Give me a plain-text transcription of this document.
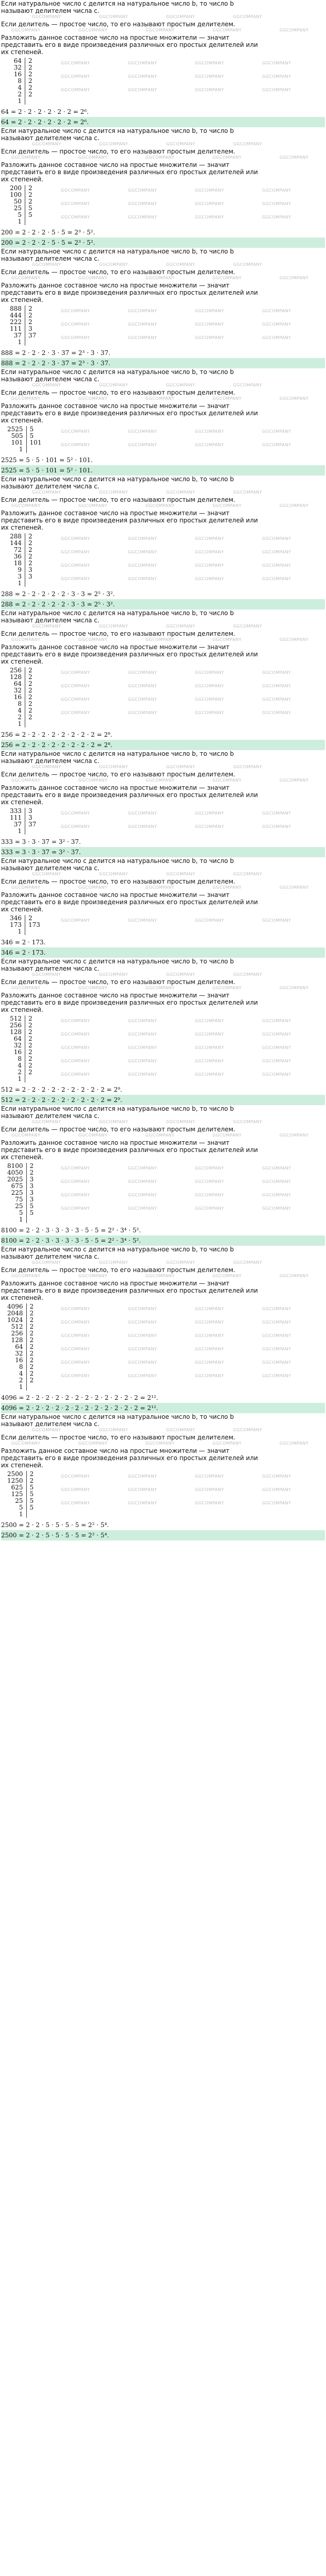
Если натуральное число с делится на натуральное число b, то число b
называют делителем числа c.
GGCOMPANY	GGCOMPANY	GGCOMPANY	GGCOMPANY
Если делитель — простое число, то его называют простым делителем.
GGCOMPANY	GGCOMPANY	GGCOMPANY	GGCOMPANY	GGCOMPANY
Разложить данное составное число на простые множители — значит
представить его в виде произведения различных его простых делителей или
их степеней.
64	2
32	2
16	2
8	2
4	2
2	2
1	
GGCOMPANY	GGCOMPANY	GGCOMPANY	GGCOMPANY
GGCOMPANY	GGCOMPANY	GGCOMPANY	GGCOMPANY
GGCOMPANY	GGCOMPANY	GGCOMPANY	GGCOMPANY
64 = 2 · 2 · 2 · 2 · 2 · 2 = 2⁶.
64 = 2 · 2 · 2 · 2 · 2 · 2 = 2⁶.
Если натуральное число с делится на натуральное число b, то число b
называют делителем числа c.
GGCOMPANY	GGCOMPANY	GGCOMPANY	GGCOMPANY
Если делитель — простое число, то его называют простым делителем.
GGCOMPANY	GGCOMPANY	GGCOMPANY	GGCOMPANY	GGCOMPANY
Разложить данное составное число на простые множители — значит
представить его в виде произведения различных его простых делителей или
их степеней.
200	2
100	2
50	2
25	5
5	5
1	
GGCOMPANY	GGCOMPANY	GGCOMPANY	GGCOMPANY
GGCOMPANY	GGCOMPANY	GGCOMPANY	GGCOMPANY
GGCOMPANY	GGCOMPANY	GGCOMPANY	GGCOMPANY
200 = 2 · 2 · 2 · 5 · 5 = 2³ · 5².
200 = 2 · 2 · 2 · 5 · 5 = 2³ · 5².
Если натуральное число с делится на натуральное число b, то число b
называют делителем числа c.
GGCOMPANY	GGCOMPANY	GGCOMPANY	GGCOMPANY
Если делитель — простое число, то его называют простым делителем.
GGCOMPANY	GGCOMPANY	GGCOMPANY	GGCOMPANY	GGCOMPANY
Разложить данное составное число на простые множители — значит
представить его в виде произведения различных его простых делителей или
их степеней.
888	2
444	2
222	2
111	3
37	37
1	
GGCOMPANY	GGCOMPANY	GGCOMPANY	GGCOMPANY
GGCOMPANY	GGCOMPANY	GGCOMPANY	GGCOMPANY
GGCOMPANY	GGCOMPANY	GGCOMPANY	GGCOMPANY
888 = 2 · 2 · 2 · 3 · 37 = 2³ · 3 · 37.
888 = 2 · 2 · 2 · 3 · 37 = 2³ · 3 · 37.
Если натуральное число с делится на натуральное число b, то число b
называют делителем числа c.
GGCOMPANY	GGCOMPANY	GGCOMPANY	GGCOMPANY
Если делитель — простое число, то его называют простым делителем.
GGCOMPANY	GGCOMPANY	GGCOMPANY	GGCOMPANY	GGCOMPANY
Разложить данное составное число на простые множители — значит
представить его в виде произведения различных его простых делителей или
их степеней.
2525	5
505	5
101	101
1	
GGCOMPANY	GGCOMPANY	GGCOMPANY	GGCOMPANY
GGCOMPANY	GGCOMPANY	GGCOMPANY	GGCOMPANY
2525 = 5 · 5 · 101 = 5² · 101.
2525 = 5 · 5 · 101 = 5² · 101.
Если натуральное число с делится на натуральное число b, то число b
называют делителем числа c.
GGCOMPANY	GGCOMPANY	GGCOMPANY	GGCOMPANY
Если делитель — простое число, то его называют простым делителем.
GGCOMPANY	GGCOMPANY	GGCOMPANY	GGCOMPANY	GGCOMPANY
Разложить данное составное число на простые множители — значит
представить его в виде произведения различных его простых делителей или
их степеней.
288	2
144	2
72	2
36	2
18	2
9	3
3	3
1	
GGCOMPANY	GGCOMPANY	GGCOMPANY	GGCOMPANY
GGCOMPANY	GGCOMPANY	GGCOMPANY	GGCOMPANY
GGCOMPANY	GGCOMPANY	GGCOMPANY	GGCOMPANY
GGCOMPANY	GGCOMPANY	GGCOMPANY	GGCOMPANY
288 = 2 · 2 · 2 · 2 · 2 · 3 · 3 = 2⁵ · 3².
288 = 2 · 2 · 2 · 2 · 2 · 3 · 3 = 2⁵ · 3².
Если натуральное число с делится на натуральное число b, то число b
называют делителем числа c.
GGCOMPANY	GGCOMPANY	GGCOMPANY	GGCOMPANY
Если делитель — простое число, то его называют простым делителем.
GGCOMPANY	GGCOMPANY	GGCOMPANY	GGCOMPANY	GGCOMPANY
Разложить данное составное число на простые множители — значит
представить его в виде произведения различных его простых делителей или
их степеней.
256	2
128	2
64	2
32	2
16	2
8	2
4	2
2	2
1	
GGCOMPANY	GGCOMPANY	GGCOMPANY	GGCOMPANY
GGCOMPANY	GGCOMPANY	GGCOMPANY	GGCOMPANY
GGCOMPANY	GGCOMPANY	GGCOMPANY	GGCOMPANY
GGCOMPANY	GGCOMPANY	GGCOMPANY	GGCOMPANY
256 = 2 · 2 · 2 · 2 · 2 · 2 · 2 · 2 = 2⁸.
256 = 2 · 2 · 2 · 2 · 2 · 2 · 2 · 2 = 2⁸.
Если натуральное число с делится на натуральное число b, то число b
называют делителем числа c.
GGCOMPANY	GGCOMPANY	GGCOMPANY	GGCOMPANY
Если делитель — простое число, то его называют простым делителем.
GGCOMPANY	GGCOMPANY	GGCOMPANY	GGCOMPANY	GGCOMPANY
Разложить данное составное число на простые множители — значит
представить его в виде произведения различных его простых делителей или
их степеней.
333	3
111	3
37	37
1	
GGCOMPANY	GGCOMPANY	GGCOMPANY	GGCOMPANY
GGCOMPANY	GGCOMPANY	GGCOMPANY	GGCOMPANY
333 = 3 · 3 · 37 = 3² · 37.
333 = 3 · 3 · 37 = 3² · 37.
Если натуральное число с делится на натуральное число b, то число b
называют делителем числа c.
GGCOMPANY	GGCOMPANY	GGCOMPANY	GGCOMPANY
Если делитель — простое число, то его называют простым делителем.
GGCOMPANY	GGCOMPANY	GGCOMPANY	GGCOMPANY	GGCOMPANY
Разложить данное составное число на простые множители — значит
представить его в виде произведения различных его простых делителей или
их степеней.
346	2
173	173
1	
GGCOMPANY	GGCOMPANY	GGCOMPANY	GGCOMPANY
346 = 2 · 173.
346 = 2 · 173.
Если натуральное число с делится на натуральное число b, то число b
называют делителем числа c.
GGCOMPANY	GGCOMPANY	GGCOMPANY	GGCOMPANY
Если делитель — простое число, то его называют простым делителем.
GGCOMPANY	GGCOMPANY	GGCOMPANY	GGCOMPANY	GGCOMPANY
Разложить данное составное число на простые множители — значит
представить его в виде произведения различных его простых делителей или
их степеней.
512	2
256	2
128	2
64	2
32	2
16	2
8	2
4	2
2	2
1	
GGCOMPANY	GGCOMPANY	GGCOMPANY	GGCOMPANY
GGCOMPANY	GGCOMPANY	GGCOMPANY	GGCOMPANY
GGCOMPANY	GGCOMPANY	GGCOMPANY	GGCOMPANY
GGCOMPANY	GGCOMPANY	GGCOMPANY	GGCOMPANY
GGCOMPANY	GGCOMPANY	GGCOMPANY	GGCOMPANY
512 = 2 · 2 · 2 · 2 · 2 · 2 · 2 · 2 · 2 = 2⁹.
512 = 2 · 2 · 2 · 2 · 2 · 2 · 2 · 2 · 2 = 2⁹.
Если натуральное число с делится на натуральное число b, то число b
называют делителем числа c.
GGCOMPANY	GGCOMPANY	GGCOMPANY	GGCOMPANY
Если делитель — простое число, то его называют простым делителем.
GGCOMPANY	GGCOMPANY	GGCOMPANY	GGCOMPANY	GGCOMPANY
Разложить данное составное число на простые множители — значит
представить его в виде произведения различных его простых делителей или
их степеней.
8100	2
4050	2
2025	3
675	3
225	3
75	3
25	5
5	5
1	
GGCOMPANY	GGCOMPANY	GGCOMPANY	GGCOMPANY
GGCOMPANY	GGCOMPANY	GGCOMPANY	GGCOMPANY
GGCOMPANY	GGCOMPANY	GGCOMPANY	GGCOMPANY
GGCOMPANY	GGCOMPANY	GGCOMPANY	GGCOMPANY
8100 = 2 · 2 · 3 · 3 · 3 · 3 · 5 · 5 = 2² · 3⁴ · 5².
8100 = 2 · 2 · 3 · 3 · 3 · 3 · 5 · 5 = 2² · 3⁴ · 5².
Если натуральное число с делится на натуральное число b, то число b
называют делителем числа c.
GGCOMPANY	GGCOMPANY	GGCOMPANY	GGCOMPANY
Если делитель — простое число, то его называют простым делителем.
GGCOMPANY	GGCOMPANY	GGCOMPANY	GGCOMPANY	GGCOMPANY
Разложить данное составное число на простые множители — значит
представить его в виде произведения различных его простых делителей или
их степеней.
4096	2
2048	2
1024	2
512	2
256	2
128	2
64	2
32	2
16	2
8	2
4	2
2	2
1	
GGCOMPANY	GGCOMPANY	GGCOMPANY	GGCOMPANY
GGCOMPANY	GGCOMPANY	GGCOMPANY	GGCOMPANY
GGCOMPANY	GGCOMPANY	GGCOMPANY	GGCOMPANY
GGCOMPANY	GGCOMPANY	GGCOMPANY	GGCOMPANY
GGCOMPANY	GGCOMPANY	GGCOMPANY	GGCOMPANY
GGCOMPANY	GGCOMPANY	GGCOMPANY	GGCOMPANY
4096 = 2 · 2 · 2 · 2 · 2 · 2 · 2 · 2 · 2 · 2 · 2 · 2 = 2¹².
4096 = 2 · 2 · 2 · 2 · 2 · 2 · 2 · 2 · 2 · 2 · 2 · 2 = 2¹².
Если натуральное число с делится на натуральное число b, то число b
называют делителем числа c.
GGCOMPANY	GGCOMPANY	GGCOMPANY	GGCOMPANY
Если делитель — простое число, то его называют простым делителем.
GGCOMPANY	GGCOMPANY	GGCOMPANY	GGCOMPANY	GGCOMPANY
Разложить данное составное число на простые множители — значит
представить его в виде произведения различных его простых делителей или
их степеней.
2500	2
1250	2
625	5
125	5
25	5
5	5
1	
GGCOMPANY	GGCOMPANY	GGCOMPANY	GGCOMPANY
GGCOMPANY	GGCOMPANY	GGCOMPANY	GGCOMPANY
GGCOMPANY	GGCOMPANY	GGCOMPANY	GGCOMPANY
2500 = 2 · 2 · 5 · 5 · 5 · 5 = 2² · 5⁴.
2500 = 2 · 2 · 5 · 5 · 5 · 5 = 2² · 5⁴.
